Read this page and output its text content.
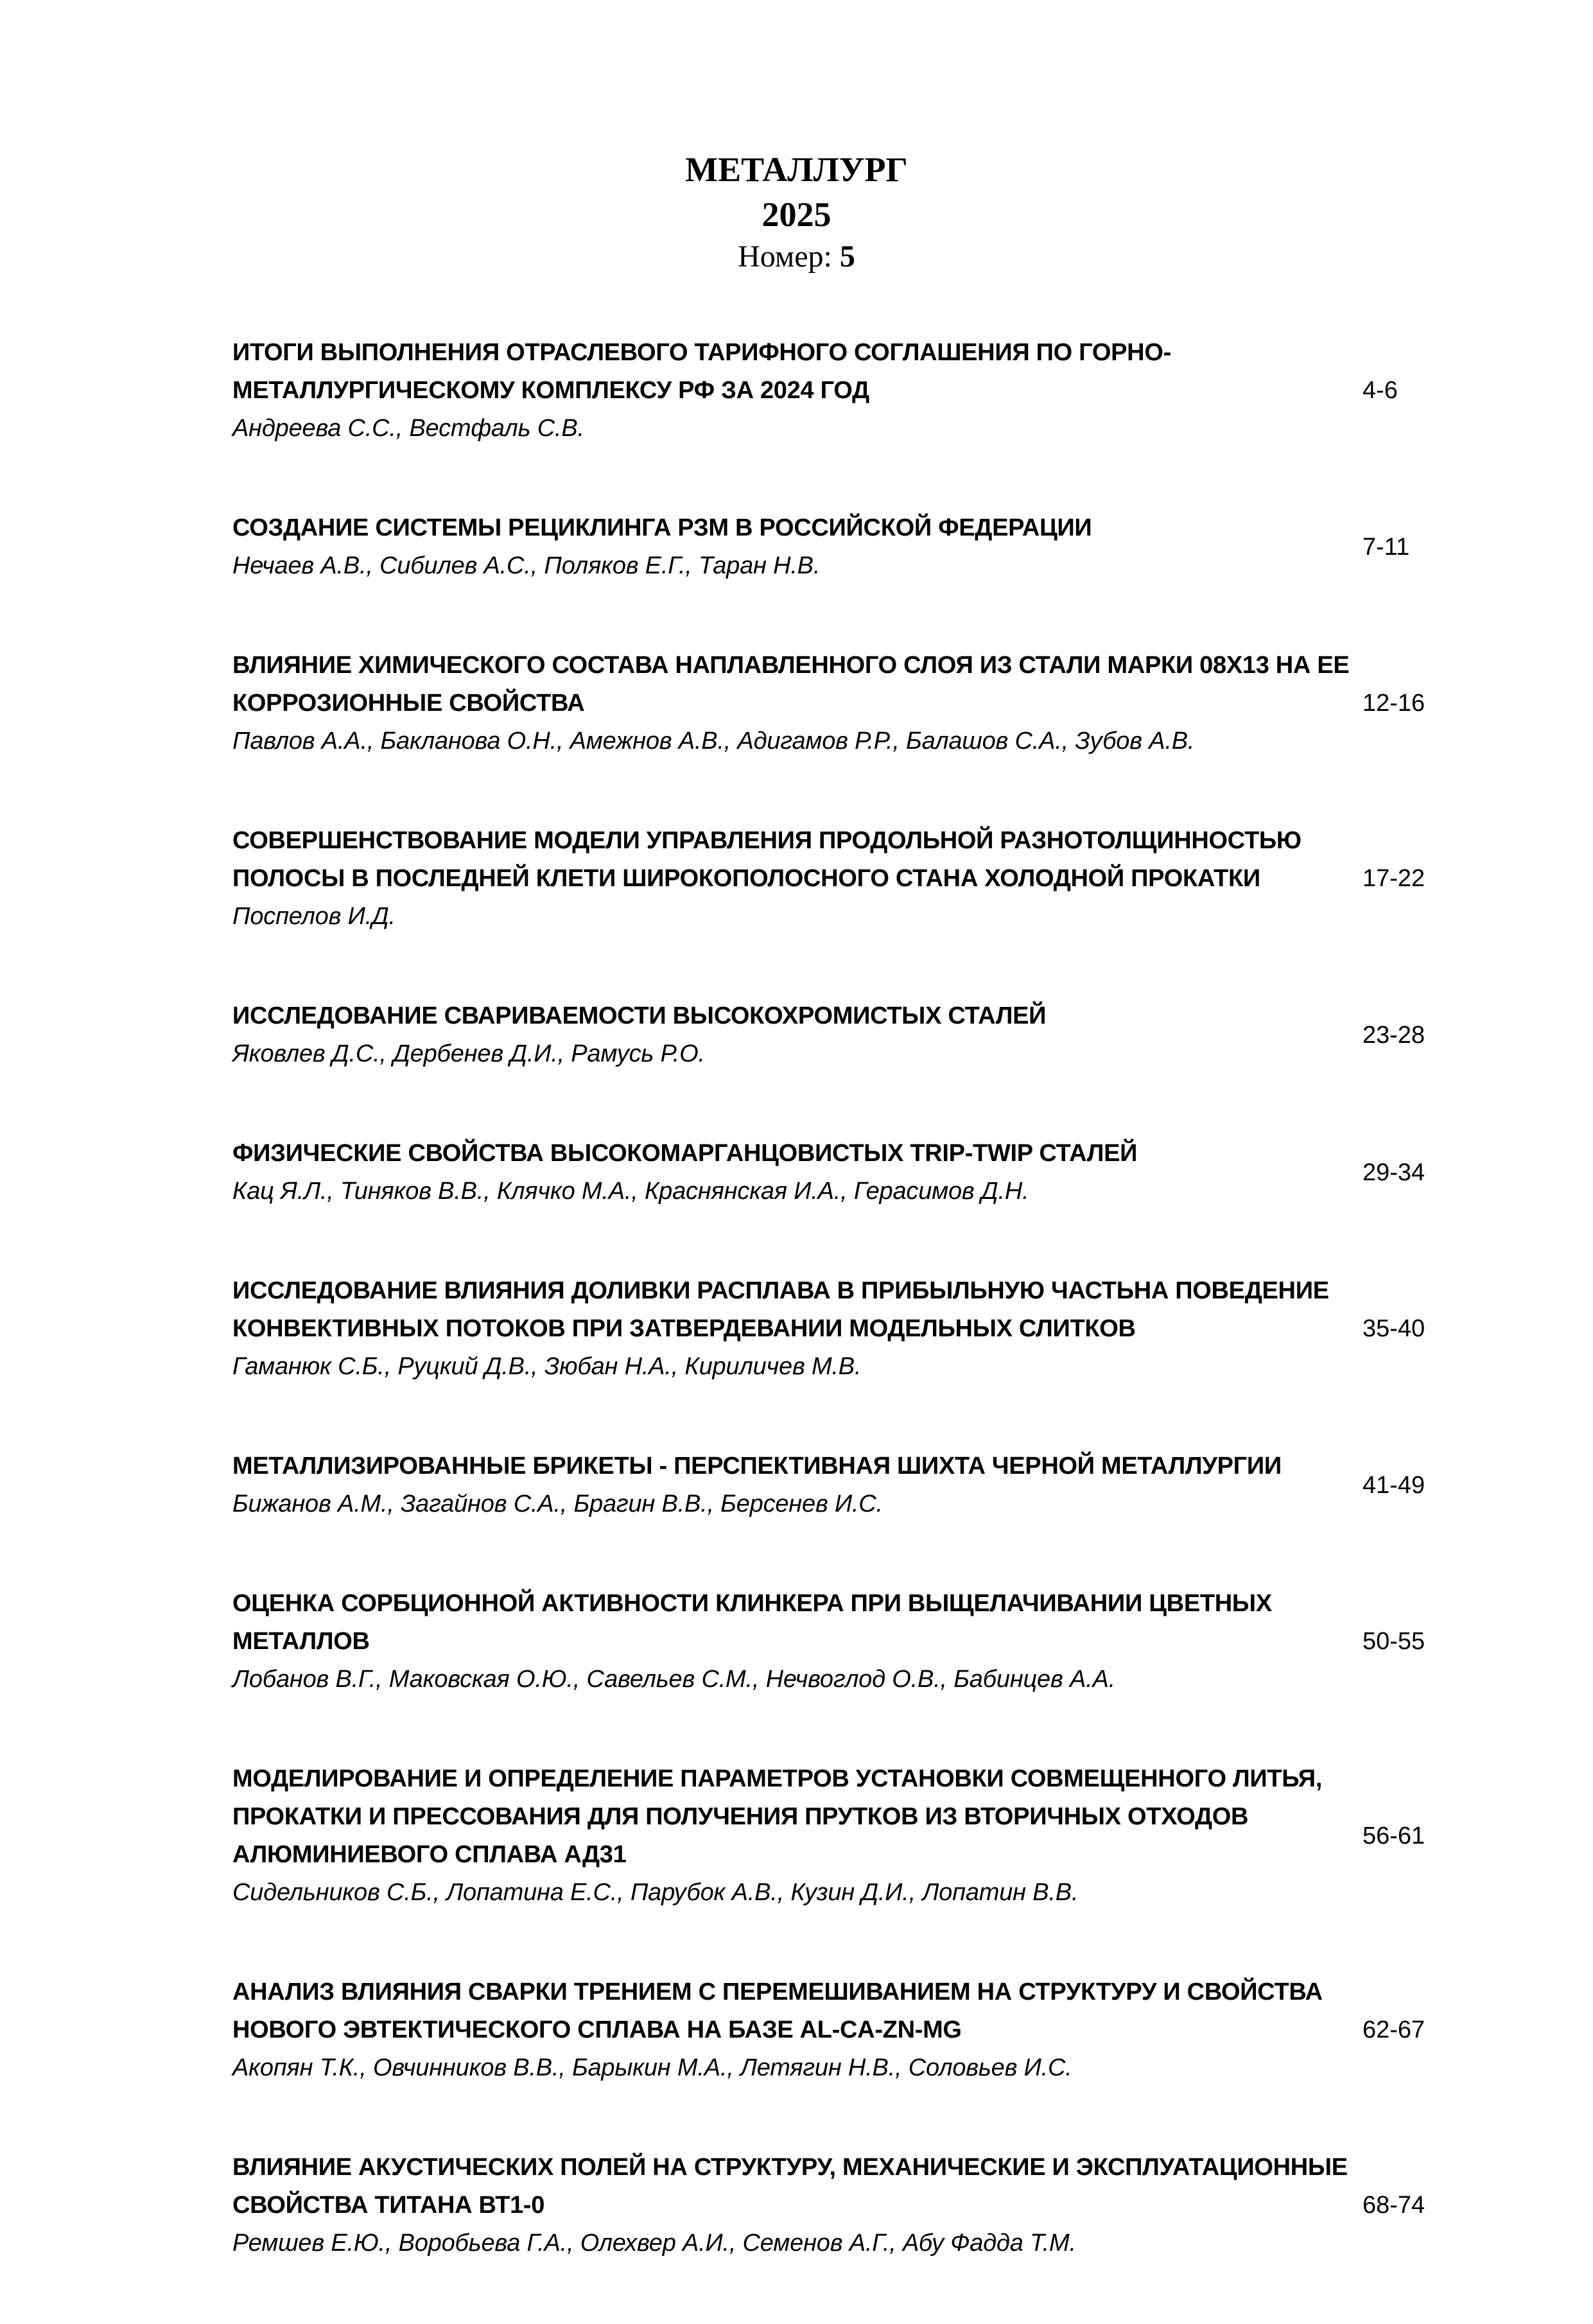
МЕТАЛЛУРГ
2025
Номер: 5
ИТОГИ ВЫПОЛНЕНИЯ ОТРАСЛЕВОГО ТАРИФНОГО СОГЛАШЕНИЯ ПО ГОРНО-МЕТАЛЛУРГИЧЕСКОМУ КОМПЛЕКСУ РФ ЗА 2024 ГОД
Андреева С.С., Вестфаль С.В.
4-6
СОЗДАНИЕ СИСТЕМЫ РЕЦИКЛИНГА РЗМ В РОССИЙСКОЙ ФЕДЕРАЦИИ
Нечаев А.В., Сибилев А.С., Поляков Е.Г., Таран Н.В.
7-11
ВЛИЯНИЕ ХИМИЧЕСКОГО СОСТАВА НАПЛАВЛЕННОГО СЛОЯ ИЗ СТАЛИ МАРКИ 08Х13 НА ЕЕ КОРРОЗИОННЫЕ СВОЙСТВА
Павлов А.А., Бакланова О.Н., Амежнов А.В., Адигамов Р.Р., Балашов С.А., Зубов А.В.
12-16
СОВЕРШЕНСТВОВАНИЕ МОДЕЛИ УПРАВЛЕНИЯ ПРОДОЛЬНОЙ РАЗНОТОЛЩИННОСТЬЮ ПОЛОСЫ В ПОСЛЕДНЕЙ КЛЕТИ ШИРОКОПОЛОСНОГО СТАНА ХОЛОДНОЙ ПРОКАТКИ
Поспелов И.Д.
17-22
ИССЛЕДОВАНИЕ СВАРИВАЕМОСТИ ВЫСОКОХРОМИСТЫХ СТАЛЕЙ
Яковлев Д.С., Дербенев Д.И., Рамусь Р.О.
23-28
ФИЗИЧЕСКИЕ СВОЙСТВА ВЫСОКОМАРГАНЦОВИСТЫХ TRIP-TWIP СТАЛЕЙ
Кац Я.Л., Тиняков В.В., Клячко М.А., Краснянская И.А., Герасимов Д.Н.
29-34
ИССЛЕДОВАНИЕ ВЛИЯНИЯ ДОЛИВКИ РАСПЛАВА В ПРИБЫЛЬНУЮ ЧАСТЬНА ПОВЕДЕНИЕ КОНВЕКТИВНЫХ ПОТОКОВ ПРИ ЗАТВЕРДЕВАНИИ МОДЕЛЬНЫХ СЛИТКОВ
Гаманюк С.Б., Руцкий Д.В., Зюбан Н.А., Кириличев М.В.
35-40
МЕТАЛЛИЗИРОВАННЫЕ БРИКЕТЫ - ПЕРСПЕКТИВНАЯ ШИХТА ЧЕРНОЙ МЕТАЛЛУРГИИ
Бижанов А.М., Загайнов С.А., Брагин В.В., Берсенев И.С.
41-49
ОЦЕНКА СОРБЦИОННОЙ АКТИВНОСТИ КЛИНКЕРА ПРИ ВЫЩЕЛАЧИВАНИИ ЦВЕТНЫХ МЕТАЛЛОВ
Лобанов В.Г., Маковская О.Ю., Савельев С.М., Нечвоглод О.В., Бабинцев А.А.
50-55
МОДЕЛИРОВАНИЕ И ОПРЕДЕЛЕНИЕ ПАРАМЕТРОВ УСТАНОВКИ СОВМЕЩЕННОГО ЛИТЬЯ, ПРОКАТКИ И ПРЕССОВАНИЯ ДЛЯ ПОЛУЧЕНИЯ ПРУТКОВ ИЗ ВТОРИЧНЫХ ОТХОДОВ АЛЮМИНИЕВОГО СПЛАВА АД31
Сидельников С.Б., Лопатина Е.С., Парубок А.В., Кузин Д.И., Лопатин В.В.
56-61
АНАЛИЗ ВЛИЯНИЯ СВАРКИ ТРЕНИЕМ С ПЕРЕМЕШИВАНИЕМ НА СТРУКТУРУ И СВОЙСТВА НОВОГО ЭВТЕКТИЧЕСКОГО СПЛАВА НА БАЗЕ AL-CA-ZN-MG
Акопян Т.К., Овчинников В.В., Барыкин М.А., Летягин Н.В., Соловьев И.С.
62-67
ВЛИЯНИЕ АКУСТИЧЕСКИХ ПОЛЕЙ НА СТРУКТУРУ, МЕХАНИЧЕСКИЕ И ЭКСПЛУАТАЦИОННЫЕ СВОЙСТВА ТИТАНА ВТ1-0
Ремшев Е.Ю., Воробьева Г.А., Олехвер А.И., Семенов А.Г., Абу Фадда Т.М.
68-74
